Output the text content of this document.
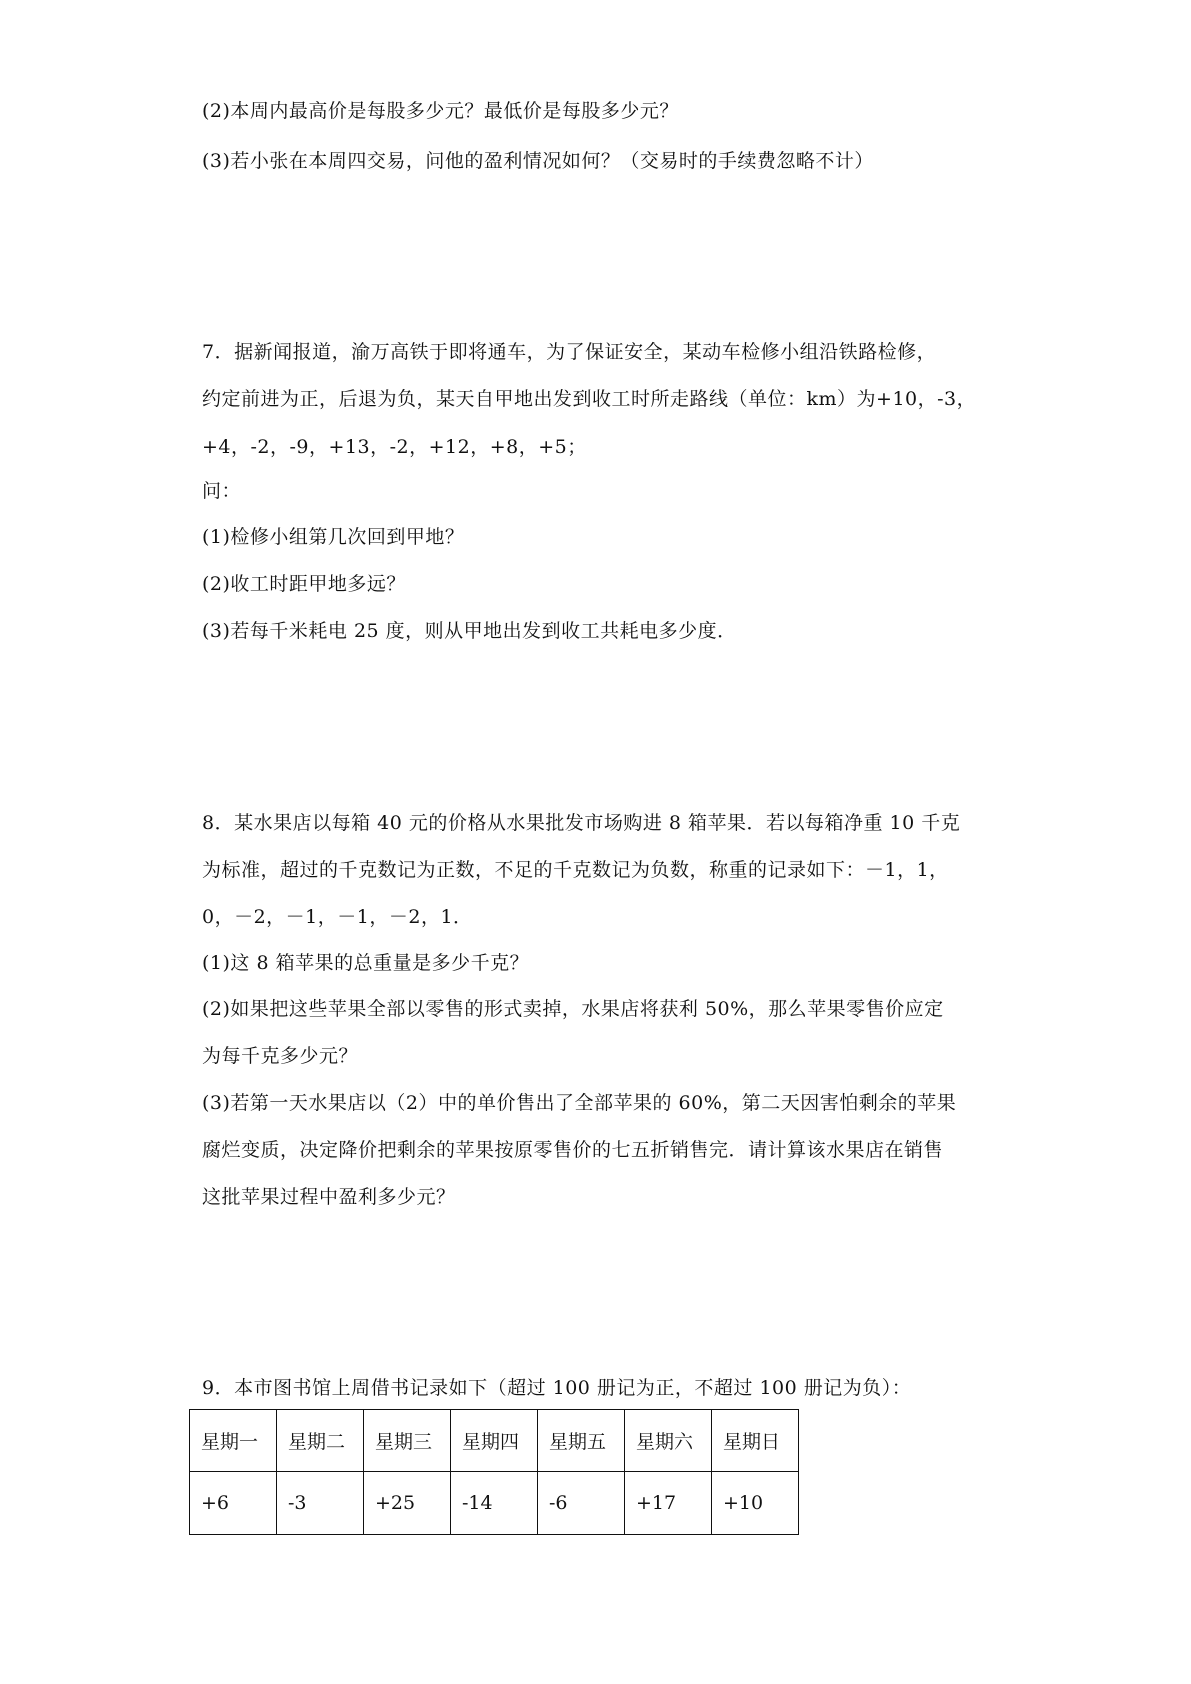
(2)本周内最高价是每股多少元？最低价是每股多少元？
(3)若小张在本周四交易，问他的盈利情况如何？（交易时的手续费忽略不计）
7．据新闻报道，渝万高铁于即将通车，为了保证安全，某动车检修小组沿铁路检修，
约定前进为正，后退为负，某天自甲地出发到收工时所走路线（单位：km）为+10，-3，
+4，-2，-9，+13，-2，+12，+8，+5；
问：
(1)检修小组第几次回到甲地？
(2)收工时距甲地多远？
(3)若每千米耗电 25 度，则从甲地出发到收工共耗电多少度．
8．某水果店以每箱 40 元的价格从水果批发市场购进 8 箱苹果．若以每箱净重 10 千克
为标准，超过的千克数记为正数，不足的千克数记为负数，称重的记录如下：－1，1，
0，－2，－1，－1，－2，1．
(1)这 8 箱苹果的总重量是多少千克？
(2)如果把这些苹果全部以零售的形式卖掉，水果店将获利 50%，那么苹果零售价应定
为每千克多少元？
(3)若第一天水果店以（2）中的单价售出了全部苹果的 60%，第二天因害怕剩余的苹果
腐烂变质，决定降价把剩余的苹果按原零售价的七五折销售完．请计算该水果店在销售
这批苹果过程中盈利多少元？
9．本市图书馆上周借书记录如下（超过 100 册记为正，不超过 100 册记为负）：
星期一	星期二	星期三	星期四	星期五	星期六	星期日
+6	-3	+25	-14	-6	+17	+10
